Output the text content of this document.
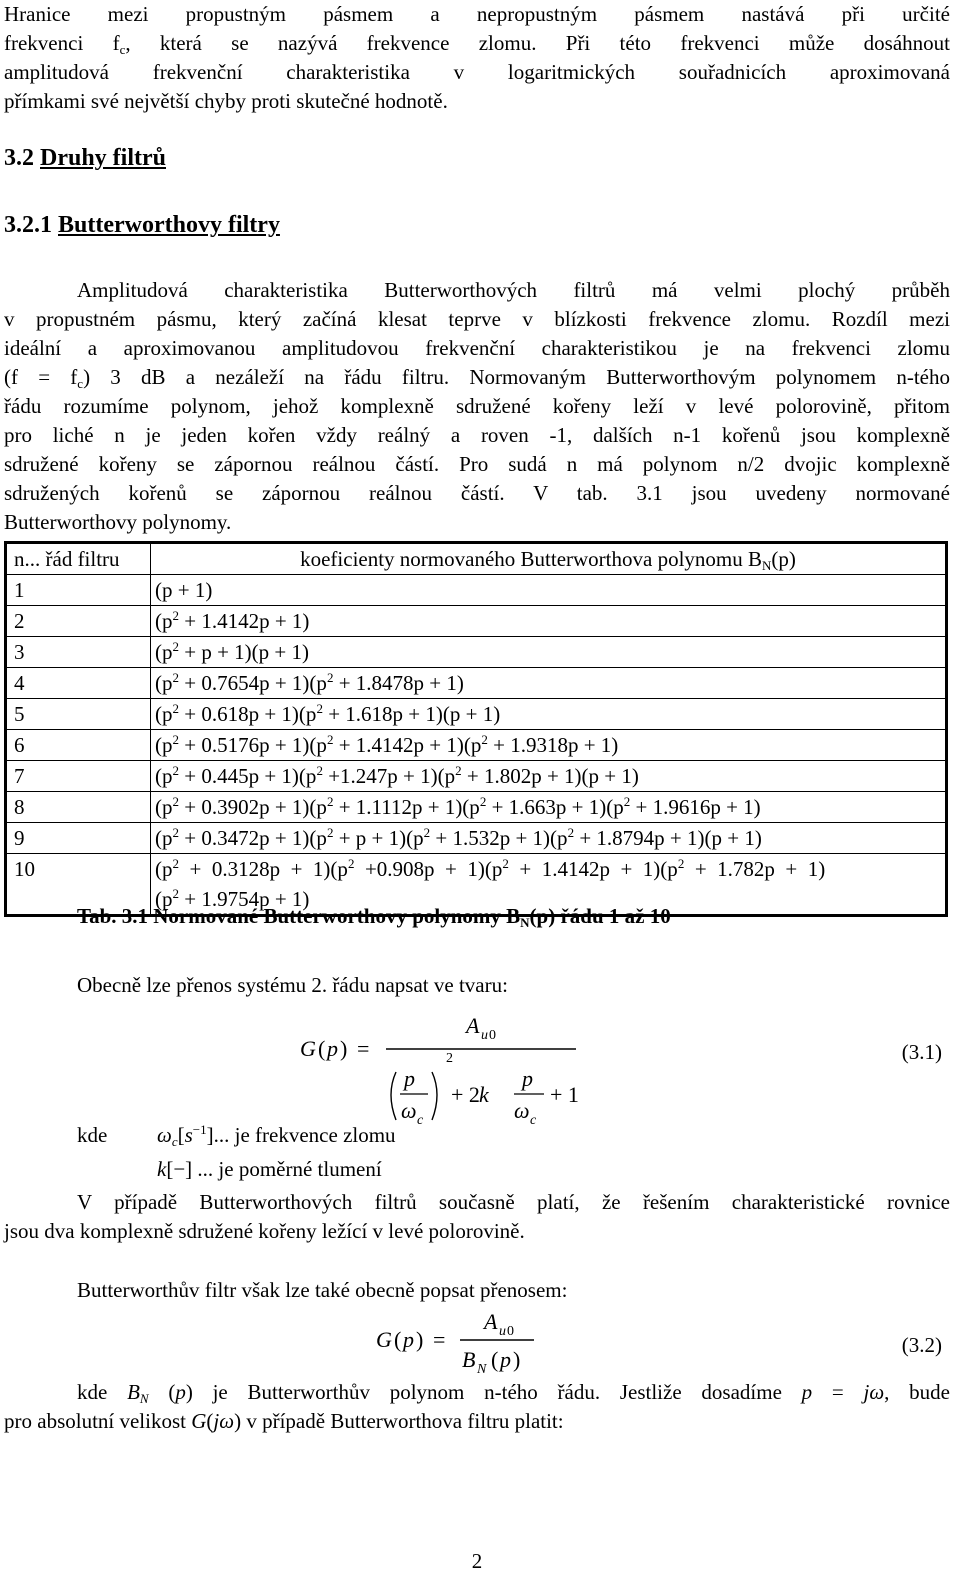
Hranice mezi propustným pásmem a nepropustným pásmem nastává při určité
frekvenci $f_c$, která se nazývá frekvence zlomu. Při této frekvenci může dosáhnout
amplitudová frekvenční charakteristika v logaritmických souřadnicích aproximovaná
přímkami své největší chyby proti skutečné hodnotě.
3.2 Druhy filtrů
3.2.1 Butterworthovy filtry
Amplitudová charakteristika Butterworthových filtrů má velmi plochý průběh
v propustném pásmu, který začíná klesat teprve v blízkosti frekvence zlomu. Rozdíl mezi
ideální a aproximovanou amplitudovou frekvenční charakteristikou je na frekvenci zlomu
$(f = f_c)$ 3 dB a nezáleží na řádu filtru. Normovaným Butterworthovým polynomem n-tého
řádu rozumíme polynom, jehož komplexně sdružené kořeny leží v levé polorovině, přitom
pro liché n je jeden kořen vždy reálný a roven -1, dalších n-1 kořenů jsou komplexně
sdružené kořeny se zápornou reálnou částí. Pro sudá n má polynom n/2 dvojic komplexně
sdružených kořenů se zápornou reálnou částí. V tab. 3.1 jsou uvedeny normované
Butterworthovy polynomy.
n... řád filtru	koeficienty normovaného Butterworthova polynomu $B_N(p)$
1	(p + 1)
2	$(p^2 + 1.4142p + 1)$
3	$(p^2 + p + 1)(p + 1)$
4	$(p^2 + 0.7654p + 1)(p^2 + 1.8478p + 1)$
5	$(p^2 + 0.618p + 1)(p^2 + 1.618p + 1)(p + 1)$
6	$(p^2 + 0.5176p + 1)(p^2 + 1.4142p + 1)(p^2 + 1.9318p + 1)$
7	$(p^2 + 0.445p + 1)(p^2 +1.247p + 1)(p^2 + 1.802p + 1)(p + 1)$
8	$(p^2 + 0.3902p + 1)(p^2 + 1.1112p + 1)(p^2 + 1.663p + 1)(p^2 + 1.9616p + 1)$
9	$(p^2 + 0.3472p + 1)(p^2 + p + 1)(p^2 + 1.532p + 1)(p^2 + 1.8794p + 1)(p + 1)$
10	$(p^2 + 0.3128p + 1)(p^2 +0.908p + 1)(p^2 + 1.4142p + 1)(p^2 + 1.782p + 1)$
$(p^2 + 1.9754p + 1)$
Tab. 3.1 Normované Butterworthovy polynomy $B_N(p)$ řádu 1 až 10
Obecně lze přenos systému 2. řádu napsat ve tvaru:
G ( p ) =
A u 0
2
p
ω c
+ 2 k
p
ω c
+ 1
(3.1)
kde $\omega_c[s^{-1}]$... je frekvence zlomu
k[−] ... je poměrné tlumení
V případě Butterworthových filtrů současně platí, že řešením charakteristické rovnice
jsou dva komplexně sdružené kořeny ležící v levé polorovině.
Butterworthův filtr však lze také obecně popsat přenosem:
G ( p ) =
A u 0
B N ( p )
(3.2)
kde $B_N$ (p) je Butterworthův polynom n-tého řádu. Jestliže dosadíme p = jω, bude
pro absolutní velikost G(jω) v případě Butterworthova filtru platit:
2
